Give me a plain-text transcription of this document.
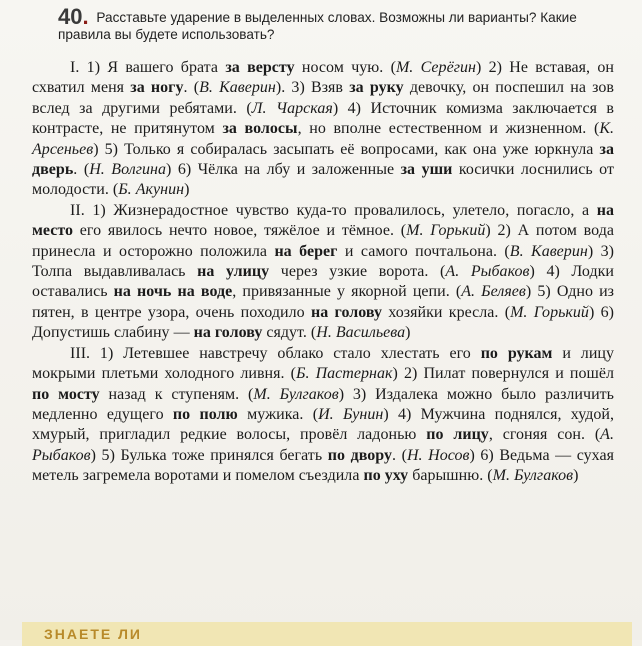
40. Расставьте ударение в выделенных словах. Возможны ли варианты? Какие правила вы будете использовать?

I. 1) Я вашего брата за версту носом чую. (М. Серёгин) 2) Не вставая, он схватил меня за ногу. (В. Каверин). 3) Взяв за руку девочку, он поспешил на зов вслед за другими ребятами. (Л. Чарская) 4) Источник комизма заключается в контрасте, не притянутом за волосы, но вполне естественном и жизненном. (К. Арсеньев) 5) Только я собиралась засыпать её вопросами, как она уже юркнула за дверь. (Н. Волгина) 6) Чёлка на лбу и заложенные за уши косички лоснились от молодости. (Б. Акунин)

II. 1) Жизнерадостное чувство куда-то провалилось, улетело, погасло, а на место его явилось нечто новое, тяжёлое и тёмное. (М. Горький) 2) А потом вода принесла и осторожно положила на берег и самого почтальона. (В. Каверин) 3) Толпа выдавливалась на улицу через узкие ворота. (А. Рыбаков) 4) Лодки оставались на ночь на воде, привязанные у якорной цепи. (А. Беляев) 5) Одно из пятен, в центре узора, очень походило на голову хозяйки кресла. (М. Горький) 6) Допустишь слабину — на голову сядут. (Н. Васильева)

III. 1) Летевшее навстречу облако стало хлестать его по рукам и лицу мокрыми плетьми холодного ливня. (Б. Пастернак) 2) Пилат повернулся и пошёл по мосту назад к ступеням. (М. Булгаков) 3) Издалека можно было различить медленно едущего по полю мужика. (И. Бунин) 4) Мужчина поднялся, худой, хмурый, пригладил редкие волосы, провёл ладонью по лицу, сгоняя сон. (А. Рыбаков) 5) Булька тоже принялся бегать по двору. (Н. Носов) 6) Ведьма — сухая метель загремела воротами и помелом съездила по уху барышню. (М. Булгаков)

ЗНАЕТЕ ЛИ
